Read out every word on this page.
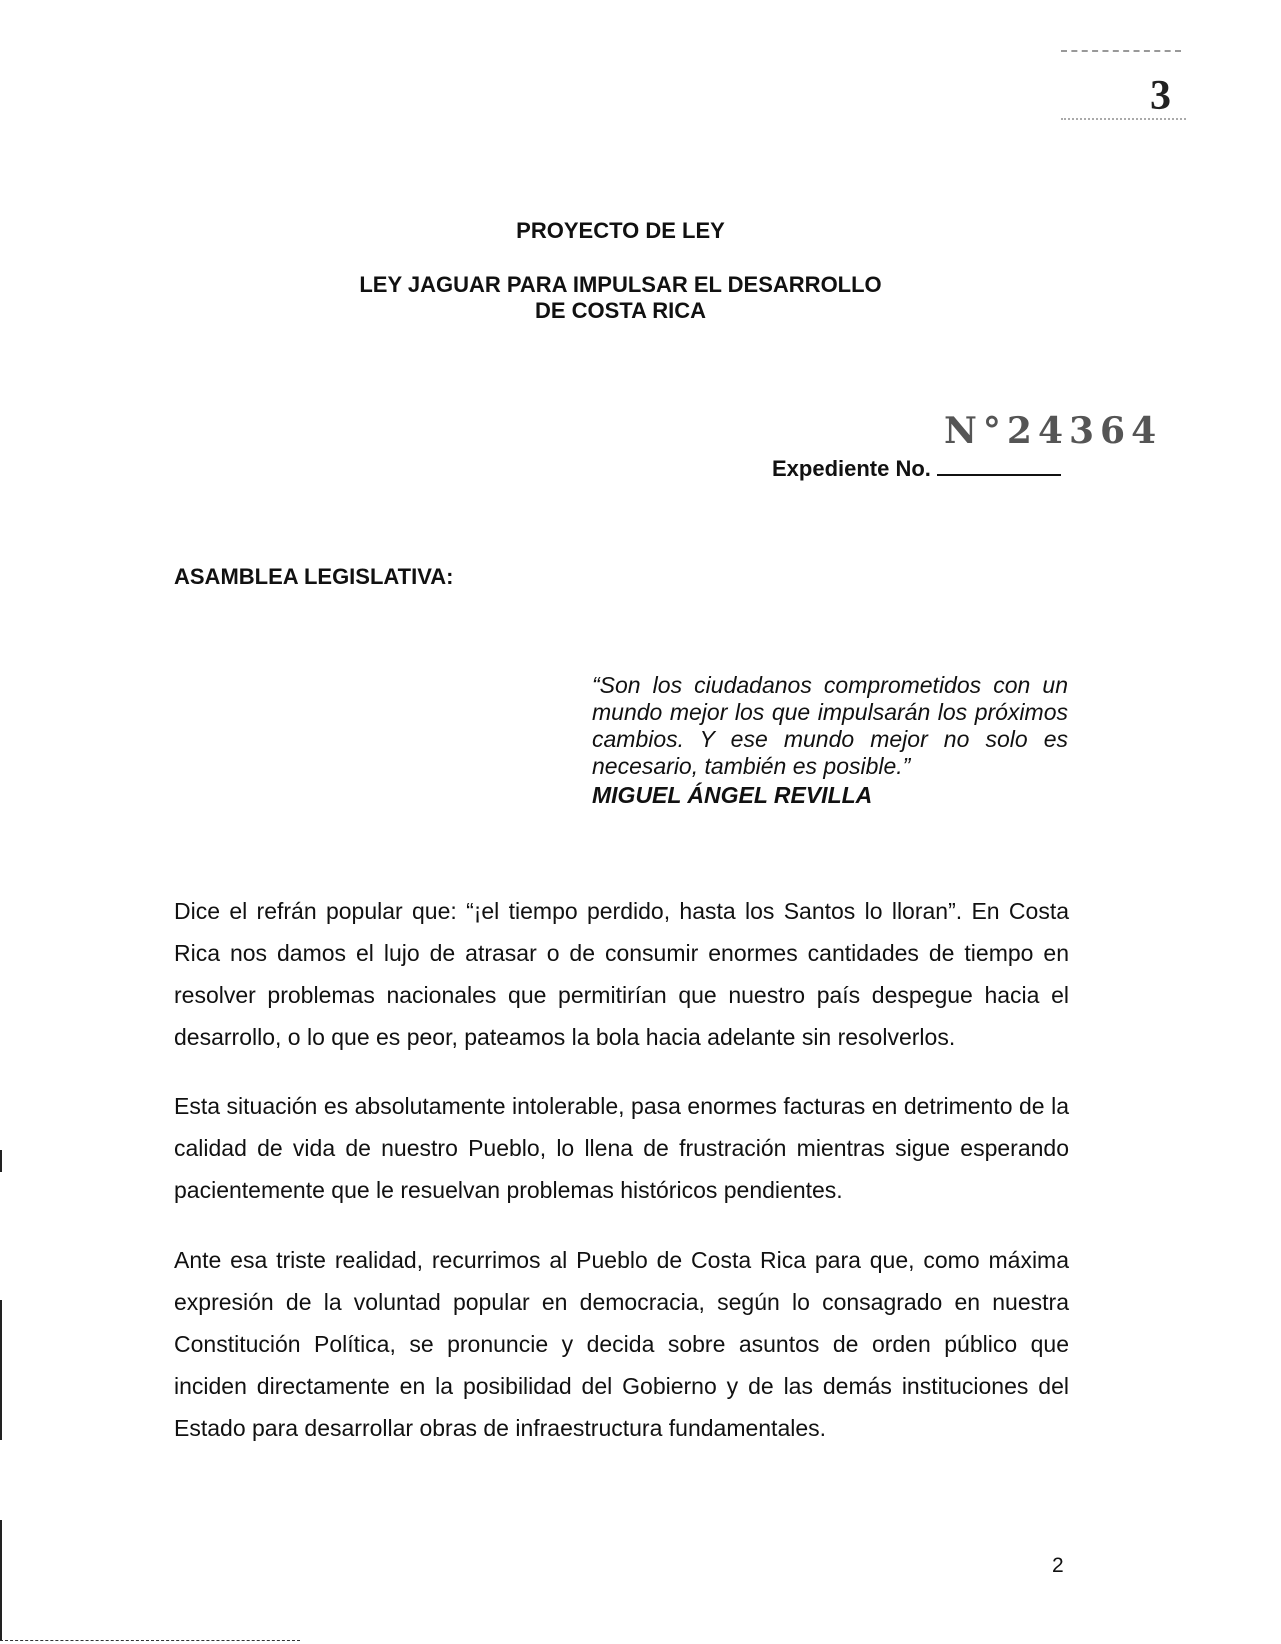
3
PROYECTO DE LEY
LEY JAGUAR PARA IMPULSAR EL DESARROLLO
DE COSTA RICA
N°24364
Expediente No.
ASAMBLEA LEGISLATIVA:
“Son los ciudadanos comprometidos con un mundo mejor los que impulsarán los próximos cambios. Y ese mundo mejor no solo es necesario, también es posible.”
MIGUEL ÁNGEL REVILLA
Dice el refrán popular que: “¡el tiempo perdido, hasta los Santos lo lloran”. En Costa Rica nos damos el lujo de atrasar o de consumir enormes cantidades de tiempo en resolver problemas nacionales que permitirían que nuestro país despegue hacia el desarrollo, o lo que es peor, pateamos la bola hacia adelante sin resolverlos.
Esta situación es absolutamente intolerable, pasa enormes facturas en detrimento de la calidad de vida de nuestro Pueblo, lo llena de frustración mientras sigue esperando pacientemente que le resuelvan problemas históricos pendientes.
Ante esa triste realidad, recurrimos al Pueblo de Costa Rica para que, como máxima expresión de la voluntad popular en democracia, según lo consagrado en nuestra Constitución Política, se pronuncie y decida sobre asuntos de orden público que inciden directamente en la posibilidad del Gobierno y de las demás instituciones del Estado para desarrollar obras de infraestructura fundamentales.
2
